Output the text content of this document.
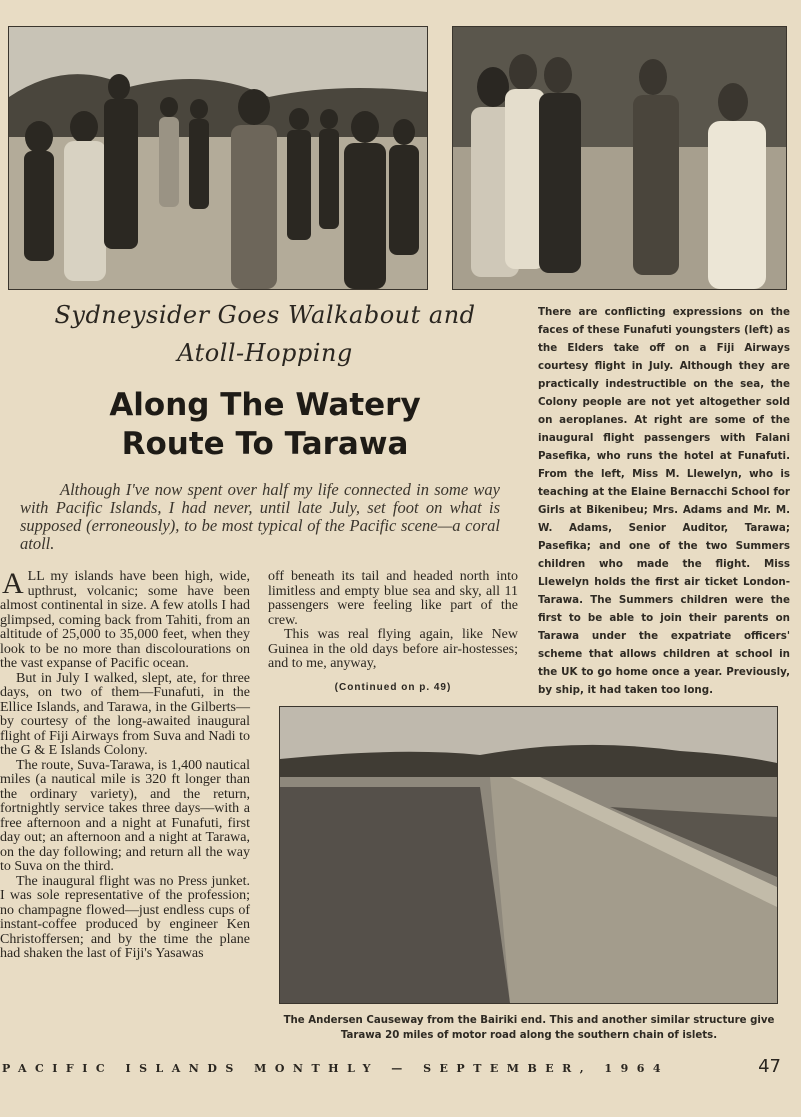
Sydneysider Goes Walkabout and
Atoll-Hopping
Along The Watery
Route To Tarawa
Although I've now spent over half my life connected in some way with Pacific Islands, I had never, until late July, set foot on what is supposed (erroneously), to be most typical of the Pacific scene—a coral atoll.

ALL my islands have been high, wide, upthrust, volcanic; some have been almost continental in size. A few atolls I had glimpsed, coming back from Tahiti, from an altitude of 25,000 to 35,000 feet, when they look to be no more than discolourations on the vast expanse of Pacific ocean.

But in July I walked, slept, ate, for three days, on two of them—Funafuti, in the Ellice Islands, and Tarawa, in the Gilberts—by courtesy of the long-awaited inaugural flight of Fiji Airways from Suva and Nadi to the G & E Islands Colony.

The route, Suva-Tarawa, is 1,400 nautical miles (a nautical mile is 320 ft longer than the ordinary variety), and the return, fortnightly service takes three days—with a free afternoon and a night at Funafuti, first day out; an afternoon and a night at Tarawa, on the day following; and return all the way to Suva on the third.

The inaugural flight was no Press junket. I was sole representative of the profession; no champagne flowed—just endless cups of instant-coffee produced by engineer Ken Christoffersen; and by the time the plane had shaken the last of Fiji's Yasawas

off beneath its tail and headed north into limitless and empty blue sea and sky, all 11 passengers were feeling like part of the crew.

This was real flying again, like New Guinea in the old days before air-hostesses; and to me, anyway,

(Continued on p. 49)
There are conflicting expressions on the faces of these Funafuti youngsters (left) as the Elders take off on a Fiji Airways courtesy flight in July. Although they are practically indestructible on the sea, the Colony people are not yet altogether sold on aeroplanes. At right are some of the inaugural flight passengers with Falani Pasefika, who runs the hotel at Funafuti. From the left, Miss M. Llewelyn, who is teaching at the Elaine Bernacchi School for Girls at Bikenibeu; Mrs. Adams and Mr. M. W. Adams, Senior Auditor, Tarawa; Pasefika; and one of the two Summers children who made the flight. Miss Llewelyn holds the first air ticket London-Tarawa. The Summers children were the first to be able to join their parents on Tarawa under the expatriate officers' scheme that allows children at school in the UK to go home once a year. Previously, by ship, it had taken too long.
The Andersen Causeway from the Bairiki end. This and another similar structure give Tarawa 20 miles of motor road along the southern chain of islets.
PACIFIC ISLANDS MONTHLY — SEPTEMBER, 1964	47
